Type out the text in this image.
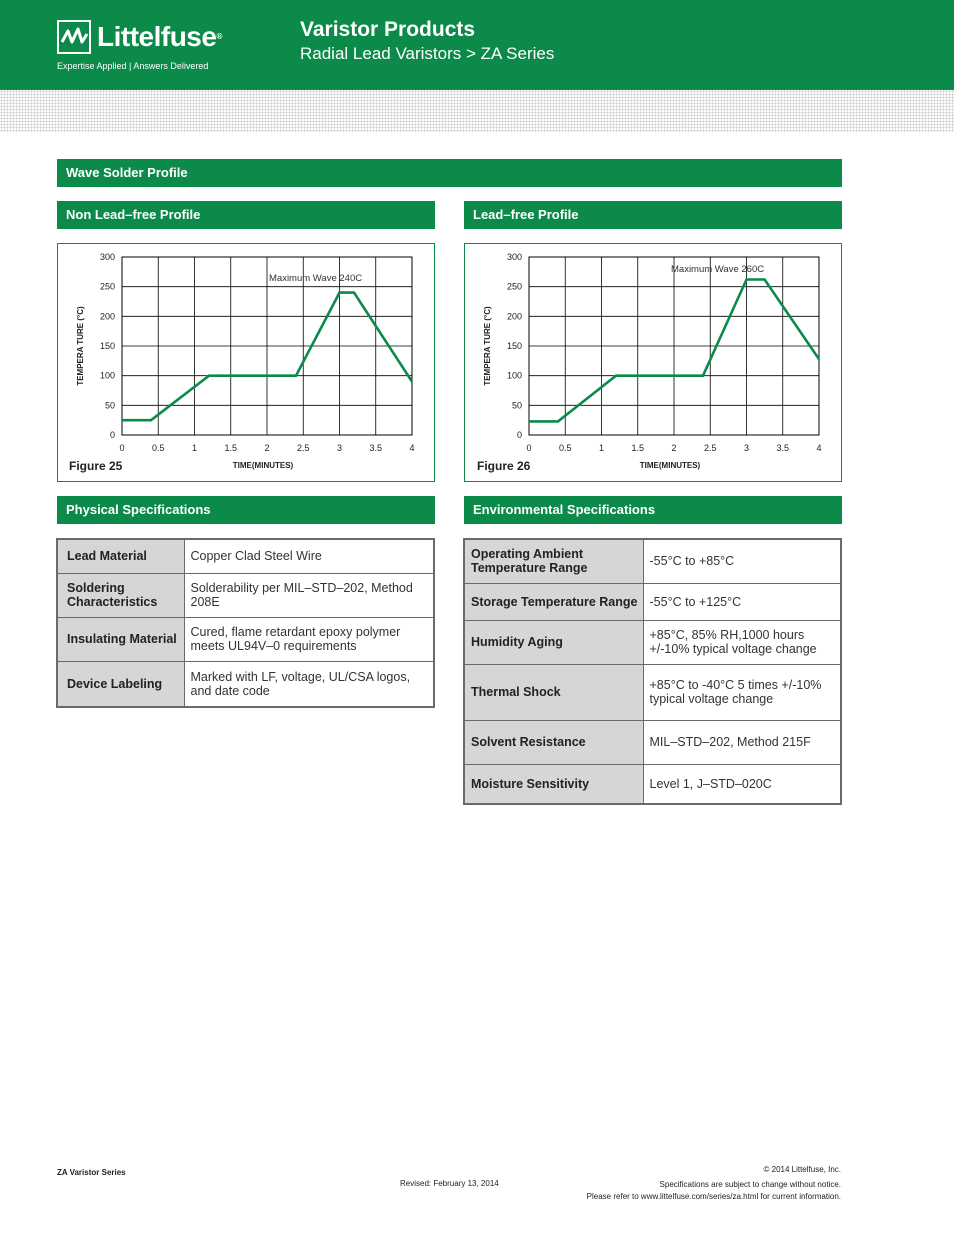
Littelfuse®
Expertise Applied | Answers Delivered
Varistor Products
Radial Lead Varistors > ZA Series
Wave Solder Profile
Non Lead–free Profile	Lead–free Profile
0	0.5	1	1.5	2	2.5	3	3.5	4
300
250
200
150
100
50
0
TIME(MINUTES)
TEMPERA TURE (°C)
Maximum Wave 240C
Figure 25
0	0.5	1	1.5	2	2.5	3	3.5	4
300
250
200
150
100
50
0
TIME(MINUTES)
TEMPERA TURE (°C)
Maximum Wave 260C
Figure 26
Physical Specifications	Environmental Specifications
Lead Material	Copper Clad Steel Wire
Soldering Characteristics	Solderability per MIL–STD–202, Method 208E
Insulating Material	Cured, flame retardant epoxy polymer meets UL94V–0 requirements
Device Labeling	Marked with LF, voltage, UL/CSA logos, and date code
Operating Ambient Temperature Range	-55°C to +85°C
Storage Temperature Range	-55°C to +125°C
Humidity Aging	+85°C, 85% RH,1000 hours +/-10% typical voltage change
Thermal Shock	+85°C to -40°C 5 times +/-10% typical voltage change
Solvent Resistance	MIL–STD–202, Method 215F
Moisture Sensitivity	Level 1, J–STD–020C
ZA Varistor Series
Revised: February 13, 2014
© 2014 Littelfuse, Inc.
Specifications are subject to change without notice.
Please refer to www.littelfuse.com/series/za.html for current information.
